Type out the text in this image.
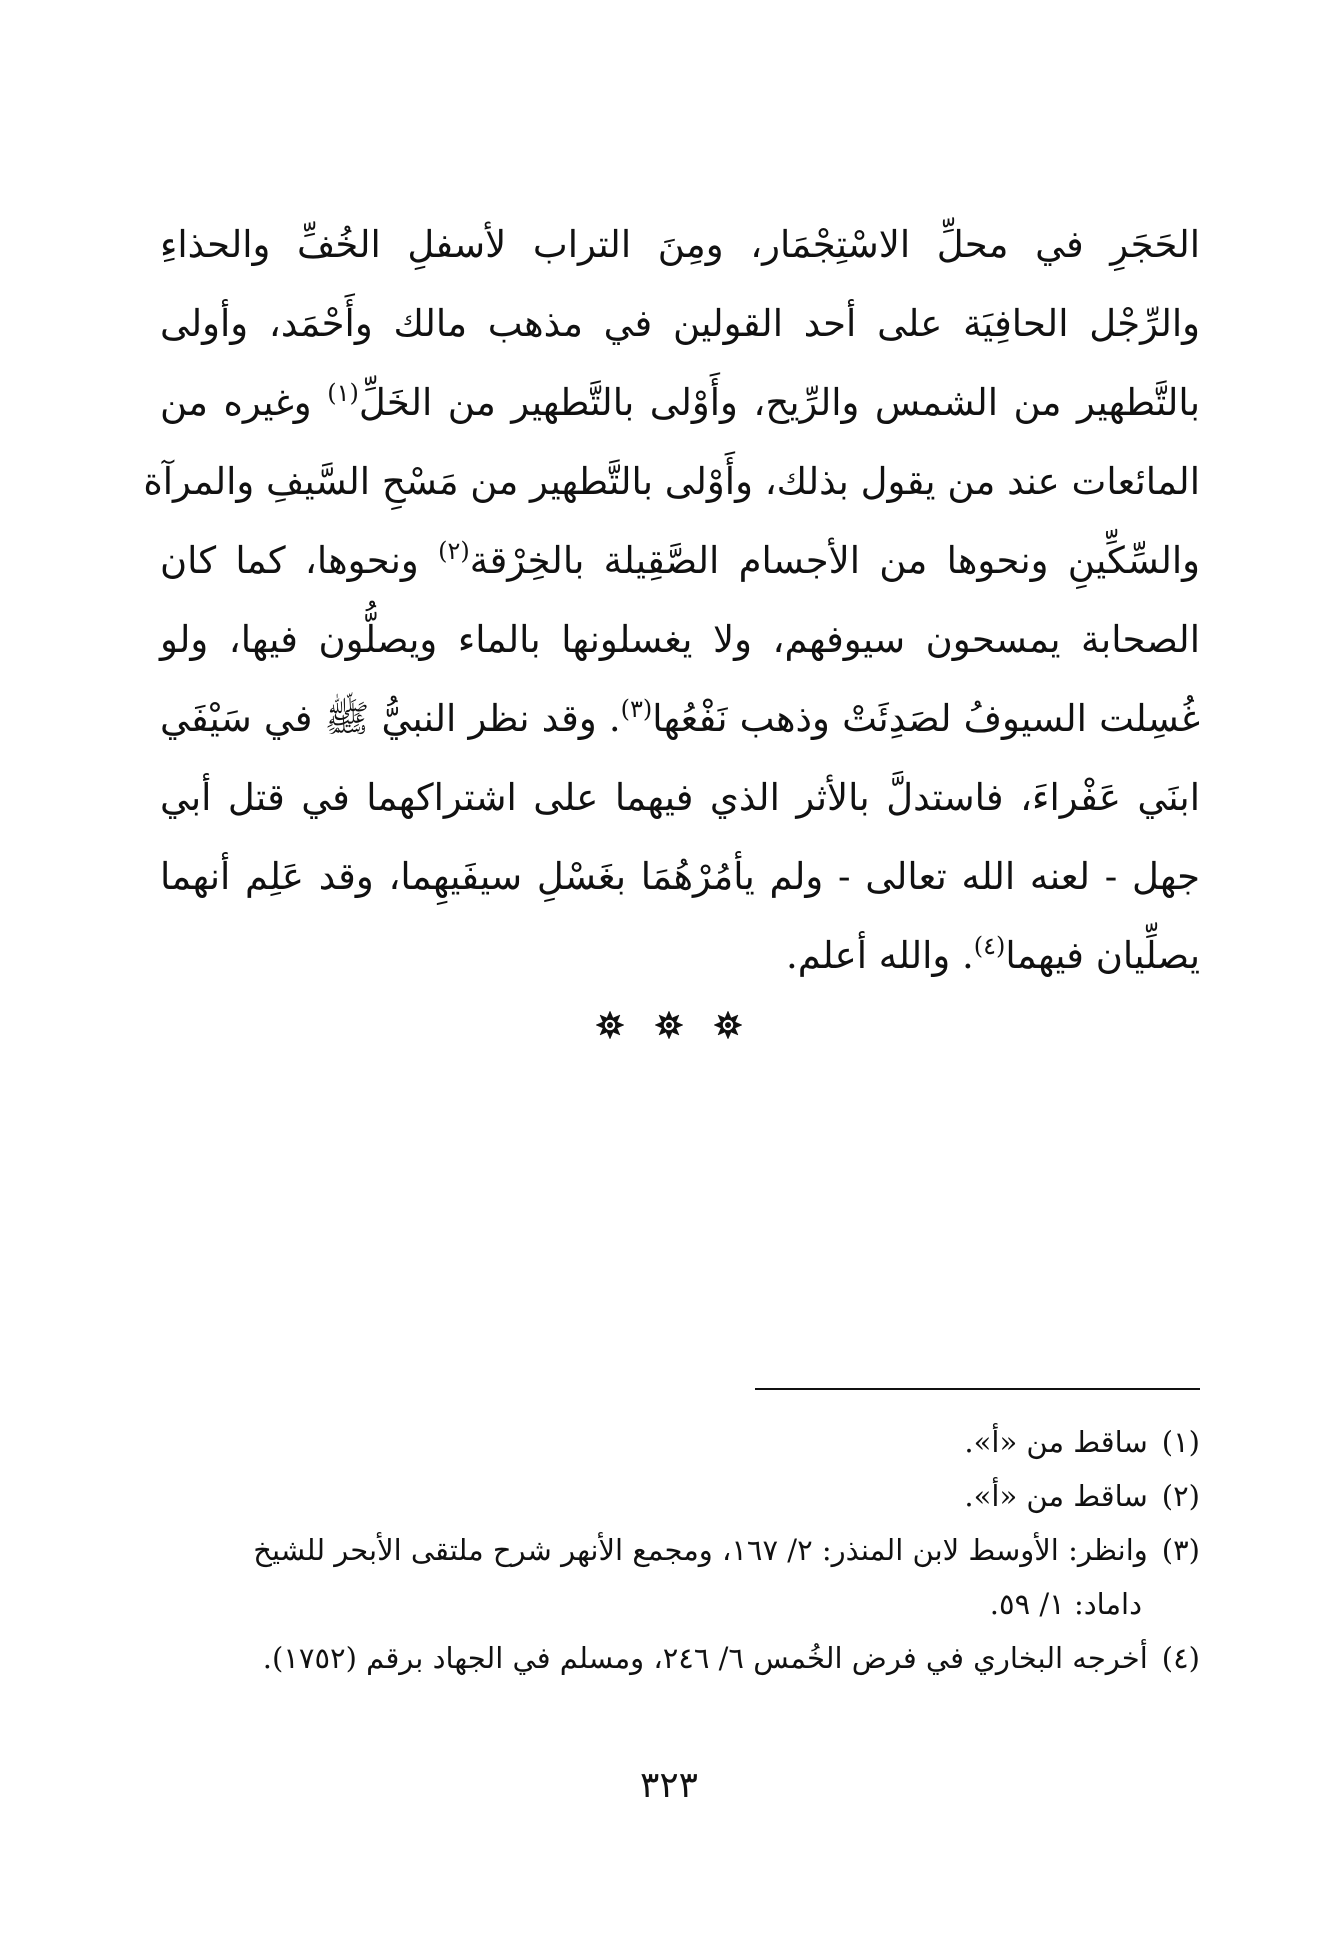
الحَجَرِ في محلِّ الاسْتِجْمَار، ومِنَ التراب لأسفلِ الخُفِّ والحذاءِ
والرِّجْل الحافِيَة على أحد القولين في مذهب مالك وأَحْمَد، وأولى
بالتَّطهير من الشمس والرِّيح، وأَوْلى بالتَّطهير من الخَلِّ$^{(١)}$ وغيره من
المائعات عند من يقول بذلك، وأَوْلى بالتَّطهير من مَسْحِ السَّيفِ والمرآة
والسِّكِّينِ ونحوها من الأجسام الصَّقِيلة بالخِرْقة$^{(٢)}$ ونحوها، كما كان
الصحابة يمسحون سيوفهم، ولا يغسلونها بالماء ويصلُّون فيها، ولو
غُسِلت السيوفُ لصَدِئَتْ وذهب نَفْعُها$^{(٣)}$. وقد نظر النبيُّ ﷺ في سَيْفَي
ابنَي عَفْراءَ، فاستدلَّ بالأثر الذي فيهما على اشتراكهما في قتل أبي
جهل - لعنه الله تعالى - ولم يأمُرْهُمَا بغَسْلِ سيفَيهِما، وقد عَلِم أنهما
يصلِّيان فيهما$^{(٤)}$. والله أعلم.

(١)ساقط من «أ».
(٢)ساقط من «أ».
(٣)وانظر: الأوسط لابن المنذر: ٢/ ١٦٧، ومجمع الأنهر شرح ملتقى الأبحر للشيخ
داماد: ١/ ٥٩.
(٤)أخرجه البخاري في فرض الخُمس ٦/ ٢٤٦، ومسلم في الجهاد برقم (١٧٥٢).
٣٢٣
